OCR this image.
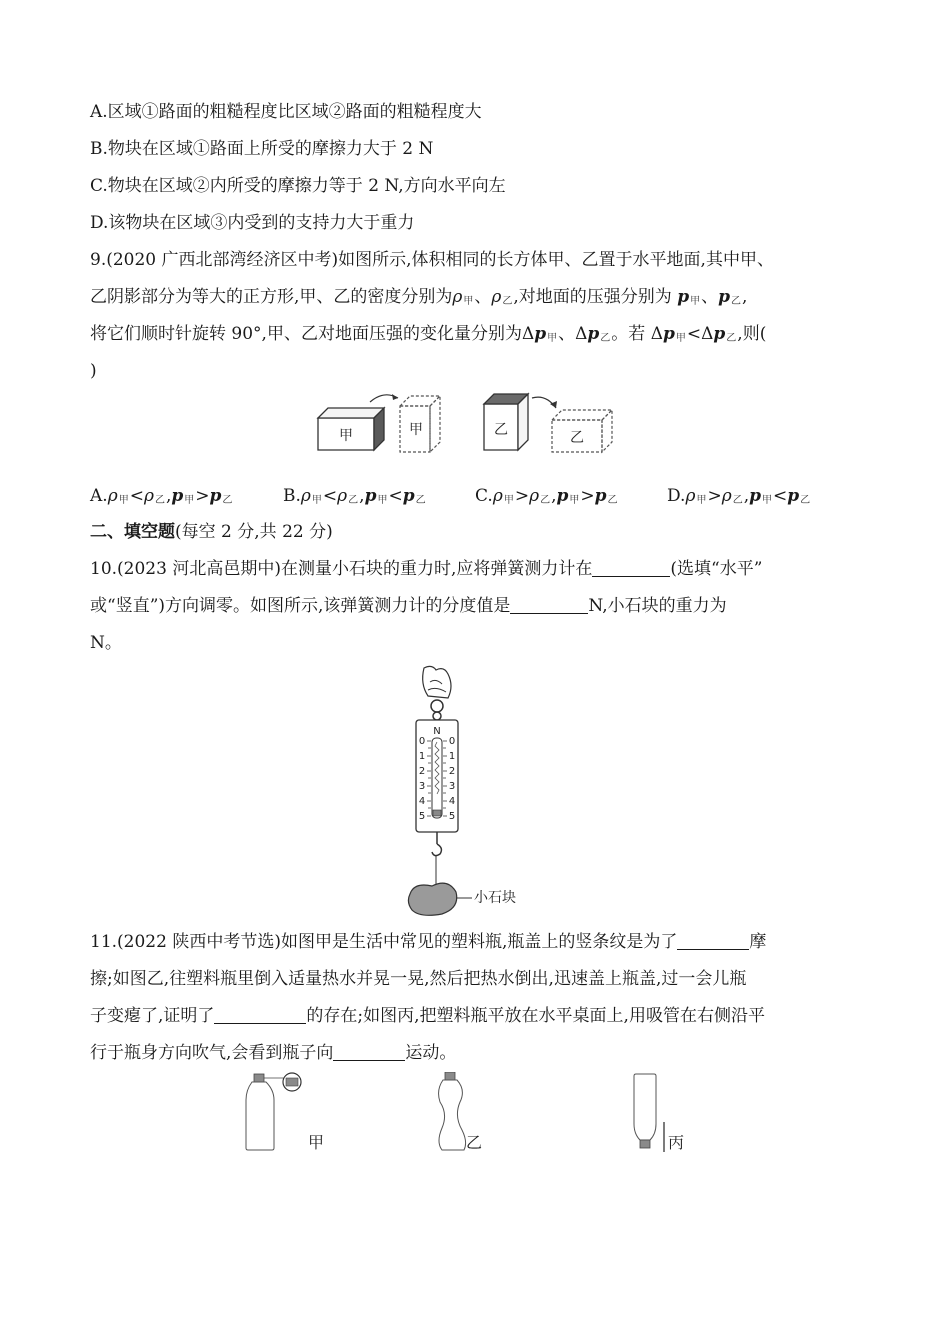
A.区域①路面的粗糙程度比区域②路面的粗糙程度大
B.物块在区域①路面上所受的摩擦力大于 2 N
C.物块在区域②内所受的摩擦力等于 2 N,方向水平向左
D.该物块在区域③内受到的支持力大于重力
9.(2020 广西北部湾经济区中考)如图所示,体积相同的长方体甲、乙置于水平地面,其中甲、
乙阴影部分为等大的正方形,甲、乙的密度分别为ρ甲、ρ乙,对地面的压强分别为 p甲、p乙,
将它们顺时针旋转 90°,甲、乙对地面压强的变化量分别为Δp甲、Δp乙。若 Δp甲<Δp乙,则(
)
甲	甲	乙	乙
A.ρ甲<ρ乙,p甲>p乙	B.ρ甲<ρ乙,p甲<p乙	C.ρ甲>ρ乙,p甲>p乙	D.ρ甲>ρ乙,p甲<p乙
二、填空题(每空 2 分,共 22 分)
10.(2023 河北高邑期中)在测量小石块的重力时,应将弹簧测力计在	(选填“水平”
或“竖直”)方向调零。如图所示,该弹簧测力计的分度值是	N,小石块的重力为
N。
N
0
1
2
3
4
5
0
1
2
3
4
5
小石块
11.(2022 陕西中考节选)如图甲是生活中常见的塑料瓶,瓶盖上的竖条纹是为了	摩
擦;如图乙,往塑料瓶里倒入适量热水并晃一晃,然后把热水倒出,迅速盖上瓶盖,过一会儿瓶
子变瘪了,证明了	的存在;如图丙,把塑料瓶平放在水平桌面上,用吸管在右侧沿平
行于瓶身方向吹气,会看到瓶子向	运动。
甲	乙	丙
